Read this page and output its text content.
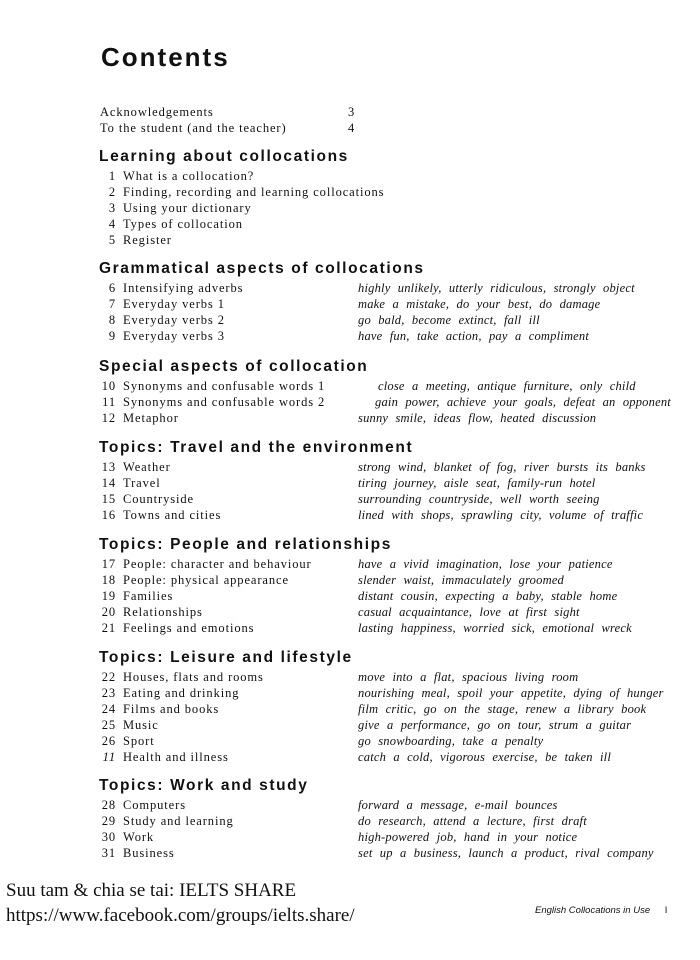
Contents
Acknowledgements	3
To the student (and the teacher)	4
Learning about collocations
1 What is a collocation?
2 Finding, recording and learning collocations
3 Using your dictionary
4 Types of collocation
5 Register
Grammatical aspects of collocations
6 Intensifying adverbs	highly unlikely, utterly ridiculous, strongly object
7 Everyday verbs 1	make a mistake, do your best, do damage
8 Everyday verbs 2	go bald, become extinct, fall ill
9 Everyday verbs 3	have fun, take action, pay a compliment
Special aspects of collocation
10 Synonyms and confusable words 1	close a meeting, antique furniture, only child
11 Synonyms and confusable words 2	gain power, achieve your goals, defeat an opponent
12 Metaphor	sunny smile, ideas flow, heated discussion
Topics: Travel and the environment
13 Weather	strong wind, blanket of fog, river bursts its banks
14 Travel	tiring journey, aisle seat, family-run hotel
15 Countryside	surrounding countryside, well worth seeing
16 Towns and cities	lined with shops, sprawling city, volume of traffic
Topics: People and relationships
17 People: character and behaviour	have a vivid imagination, lose your patience
18 People: physical appearance	slender waist, immaculately groomed
19 Families	distant cousin, expecting a baby, stable home
20 Relationships	casual acquaintance, love at first sight
21 Feelings and emotions	lasting happiness, worried sick, emotional wreck
Topics: Leisure and lifestyle
22 Houses, flats and rooms	move into a flat, spacious living room
23 Eating and drinking	nourishing meal, spoil your appetite, dying of hunger
24 Films and books	film critic, go on the stage, renew a library book
25 Music	give a performance, go on tour, strum a guitar
26 Sport	go snowboarding, take a penalty
11 Health and illness	catch a cold, vigorous exercise, be taken ill
Topics: Work and study
28 Computers	forward a message, e-mail bounces
29 Study and learning	do research, attend a lecture, first draft
30 Work	high-powered job, hand in your notice
31 Business	set up a business, launch a product, rival company
Suu tam & chia se tai: IELTS SHARE
https://www.facebook.com/groups/ielts.share/	English Collocations in Use I
